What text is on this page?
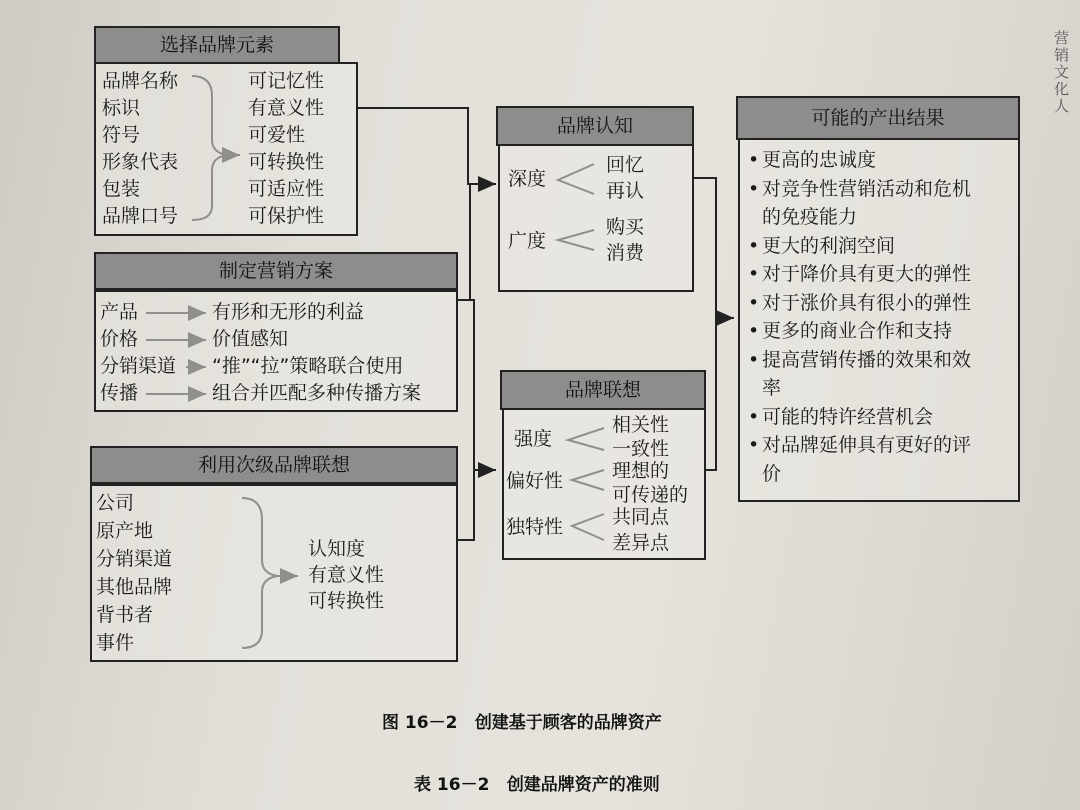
选择品牌元素
品牌名称
标识
符号
形象代表
包装
品牌口号
可记忆性
有意义性
可爱性
可转换性
可适应性
可保护性
制定营销方案
产品
价格
分销渠道
传播
有形和无形的利益
价值感知
“推”“拉”策略联合使用
组合并匹配多种传播方案
利用次级品牌联想
公司
原产地
分销渠道
其他品牌
背书者
事件
认知度
有意义性
可转换性
品牌认知
深度
回忆
再认
广度
购买
消费
品牌联想
强度
相关性
一致性
偏好性	理想的
可传递的
独特性	共同点
差异点
可能的产出结果
• 更高的忠诚度
• 对竞争性营销活动和危机
的免疫能力
• 更大的利润空间
• 对于降价具有更大的弹性
• 对于涨价具有很小的弹性
• 更多的商业合作和支持
• 提高营销传播的效果和效
率
• 可能的特许经营机会
• 对品牌延伸具有更好的评
价
图 16－2 创建基于顾客的品牌资产
表 16－2 创建品牌资产的准则
营销文化人
